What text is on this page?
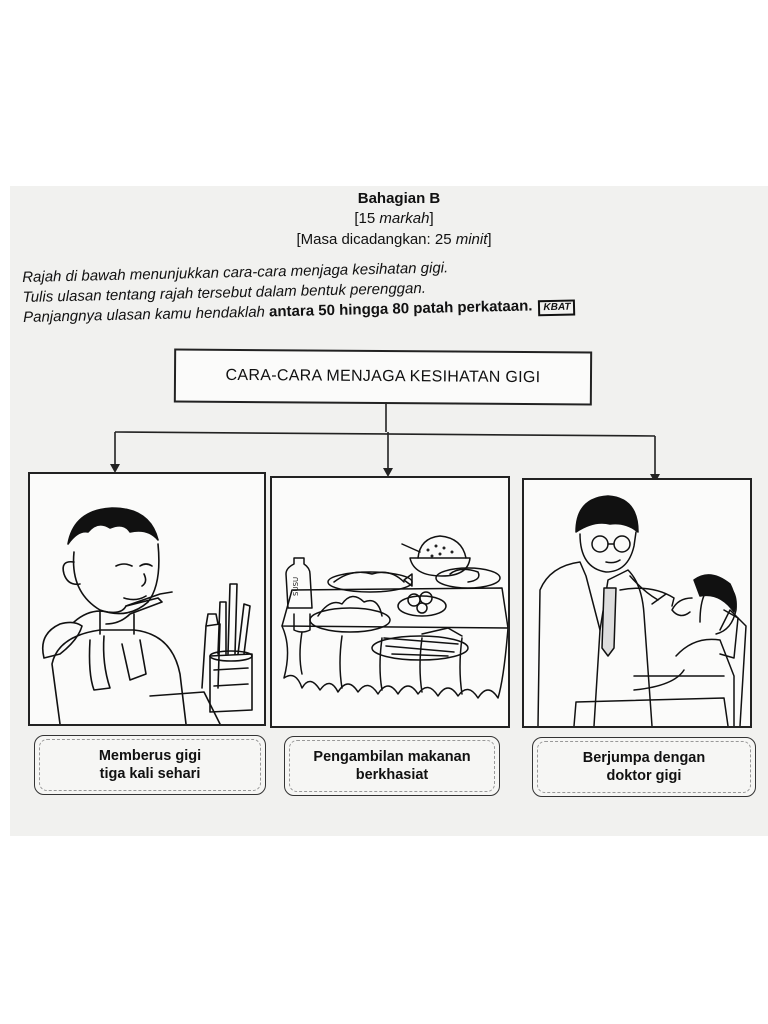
Bahagian B
[15 markah]
[Masa dicadangkan: 25 minit]
Rajah di bawah menunjukkan cara-cara menjaga kesihatan gigi.
Tulis ulasan tentang rajah tersebut dalam bentuk perenggan.
Panjangnya ulasan kamu hendaklah antara 50 hingga 80 patah perkataan. KBAT
CARA-CARA MENJAGA KESIHATAN GIGI
SUSU
Memberus gigi
tiga kali sehari
Pengambilan makanan
berkhasiat
Berjumpa dengan
doktor gigi
